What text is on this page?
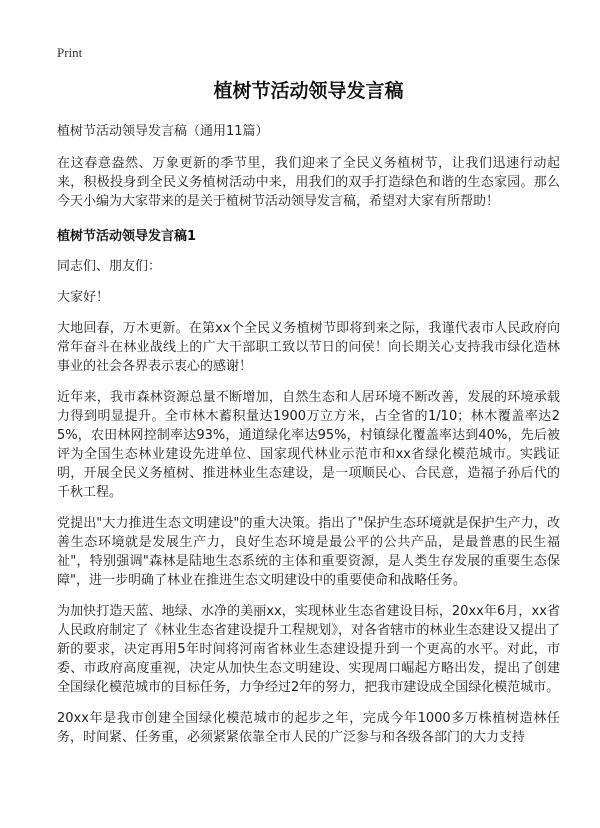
Print
植树节活动领导发言稿
植树节活动领导发言稿（通用11篇）

在这春意盎然、万象更新的季节里，我们迎来了全民义务植树节，让我们迅速行动起来，积极投身到全民义务植树活动中来，用我们的双手打造绿色和谐的生态家园。那么今天小编为大家带来的是关于植树节活动领导发言稿，希望对大家有所帮助！

植树节活动领导发言稿1

同志们、朋友们：

大家好！

大地回春，万木更新。在第xx个全民义务植树节即将到来之际，我谨代表市人民政府向常年奋斗在林业战线上的广大干部职工致以节日的问侯！向长期关心支持我市绿化造林事业的社会各界表示衷心的感谢！

近年来，我市森林资源总量不断增加，自然生态和人居环境不断改善，发展的环境承载力得到明显提升。全市林木蓄积量达1900万立方米，占全省的1/10；林木覆盖率达25%，农田林网控制率达93%，通道绿化率达95%，村镇绿化覆盖率达到40%，先后被评为全国生态林业建设先进单位、国家现代林业示范市和xx省绿化模范城市。实践证明，开展全民义务植树、推进林业生态建设，是一项顺民心、合民意，造福子孙后代的千秋工程。

党提出"大力推进生态文明建设"的重大决策。指出了"保护生态环境就是保护生产力，改善生态环境就是发展生产力，良好生态环境是最公平的公共产品，是最普惠的民生福祉"，特别强调"森林是陆地生态系统的主体和重要资源，是人类生存发展的重要生态保障"，进一步明确了林业在推进生态文明建设中的重要使命和战略任务。

为加快打造天蓝、地绿、水净的美丽xx，实现林业生态省建设目标，20xx年6月，xx省人民政府制定了《林业生态省建设提升工程规划》，对各省辖市的林业生态建设又提出了新的要求，决定再用5年时间将河南省林业生态建设提升到一个更高的水平。对此，市委、市政府高度重视，决定从加快生态文明建设、实现周口崛起方略出发，提出了创建全国绿化模范城市的目标任务，力争经过2年的努力，把我市建设成全国绿化模范城市。

20xx年是我市创建全国绿化模范城市的起步之年，完成今年1000多万株植树造林任务，时间紧、任务重，必须紧紧依靠全市人民的广泛参与和各级各部门的大力支持
